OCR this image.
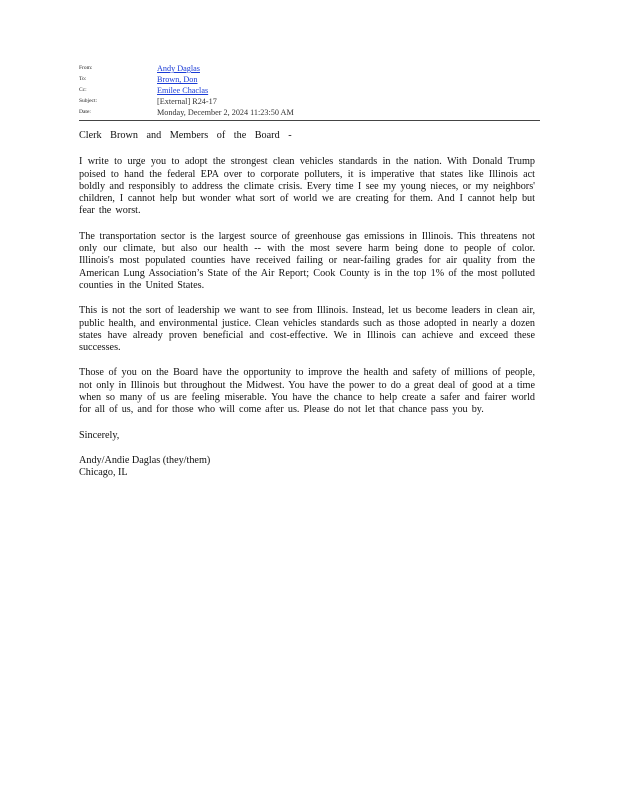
From:	Andy Daglas
To:	Brown, Don
Cc:	Emilee Chaclas
Subject:	[External] R24-17
Date:	Monday, December 2, 2024 11:23:50 AM

Clerk Brown and Members of the Board -

I write to urge you to adopt the strongest clean vehicles standards in the nation. With Donald Trump poised to hand the federal EPA over to corporate polluters, it is imperative that states like Illinois act boldly and responsibly to address the climate crisis. Every time I see my young nieces, or my neighbors' children, I cannot help but wonder what sort of world we are creating for them. And I cannot help but fear the worst.

The transportation sector is the largest source of greenhouse gas emissions in Illinois. This threatens not only our climate, but also our health -- with the most severe harm being done to people of color. Illinois's most populated counties have received failing or near-failing grades for air quality from the American Lung Association’s State of the Air Report; Cook County is in the top 1% of the most polluted counties in the United States.

This is not the sort of leadership we want to see from Illinois. Instead, let us become leaders in clean air, public health, and environmental justice. Clean vehicles standards such as those adopted in nearly a dozen states have already proven beneficial and cost-effective. We in Illinois can achieve and exceed these successes.

Those of you on the Board have the opportunity to improve the health and safety of millions of people, not only in Illinois but throughout the Midwest. You have the power to do a great deal of good at a time when so many of us are feeling miserable. You have the chance to help create a safer and fairer world for all of us, and for those who will come after us. Please do not let that chance pass you by.

Sincerely,

Andy/Andie Daglas (they/them)
Chicago, IL
